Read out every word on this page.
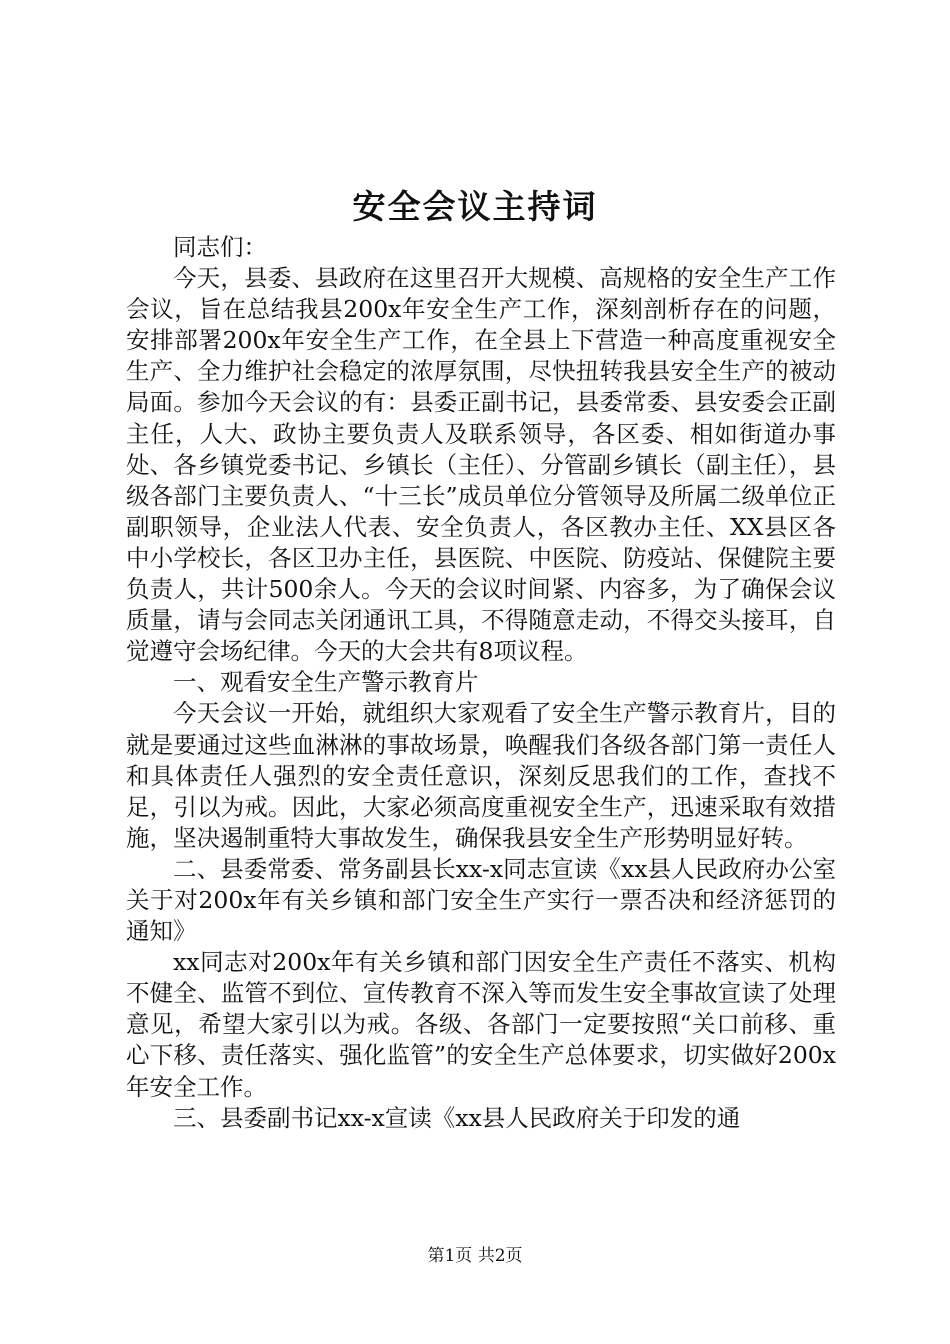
安全会议主持词

同志们：

今天，县委、县政府在这里召开大规模、高规格的安全生产工作会议，旨在总结我县200x年安全生产工作，深刻剖析存在的问题，安排部署200x年安全生产工作，在全县上下营造一种高度重视安全生产、全力维护社会稳定的浓厚氛围，尽快扭转我县安全生产的被动局面。参加今天会议的有：县委正副书记，县委常委、县安委会正副主任，人大、政协主要负责人及联系领导，各区委、相如街道办事处、各乡镇党委书记、乡镇长（主任）、分管副乡镇长（副主任），县级各部门主要负责人、“十三长”成员单位分管领导及所属二级单位正副职领导，企业法人代表、安全负责人，各区教办主任、XX县区各中小学校长，各区卫办主任，县医院、中医院、防疫站、保健院主要负责人，共计500余人。今天的会议时间紧、内容多，为了确保会议质量，请与会同志关闭通讯工具，不得随意走动，不得交头接耳，自觉遵守会场纪律。今天的大会共有8项议程。

一、观看安全生产警示教育片

今天会议一开始，就组织大家观看了安全生产警示教育片，目的就是要通过这些血淋淋的事故场景，唤醒我们各级各部门第一责任人和具体责任人强烈的安全责任意识，深刻反思我们的工作，查找不足，引以为戒。因此，大家必须高度重视安全生产，迅速采取有效措施，坚决遏制重特大事故发生，确保我县安全生产形势明显好转。

二、县委常委、常务副县长xx-x同志宣读《xx县人民政府办公室关于对200x年有关乡镇和部门安全生产实行一票否决和经济惩罚的通知》

xx同志对200x年有关乡镇和部门因安全生产责任不落实、机构不健全、监管不到位、宣传教育不深入等而发生安全事故宣读了处理意见，希望大家引以为戒。各级、各部门一定要按照“关口前移、重心下移、责任落实、强化监管”的安全生产总体要求，切实做好200x年安全工作。

三、县委副书记xx-x宣读《xx县人民政府关于印发的通

第1页 共2页
